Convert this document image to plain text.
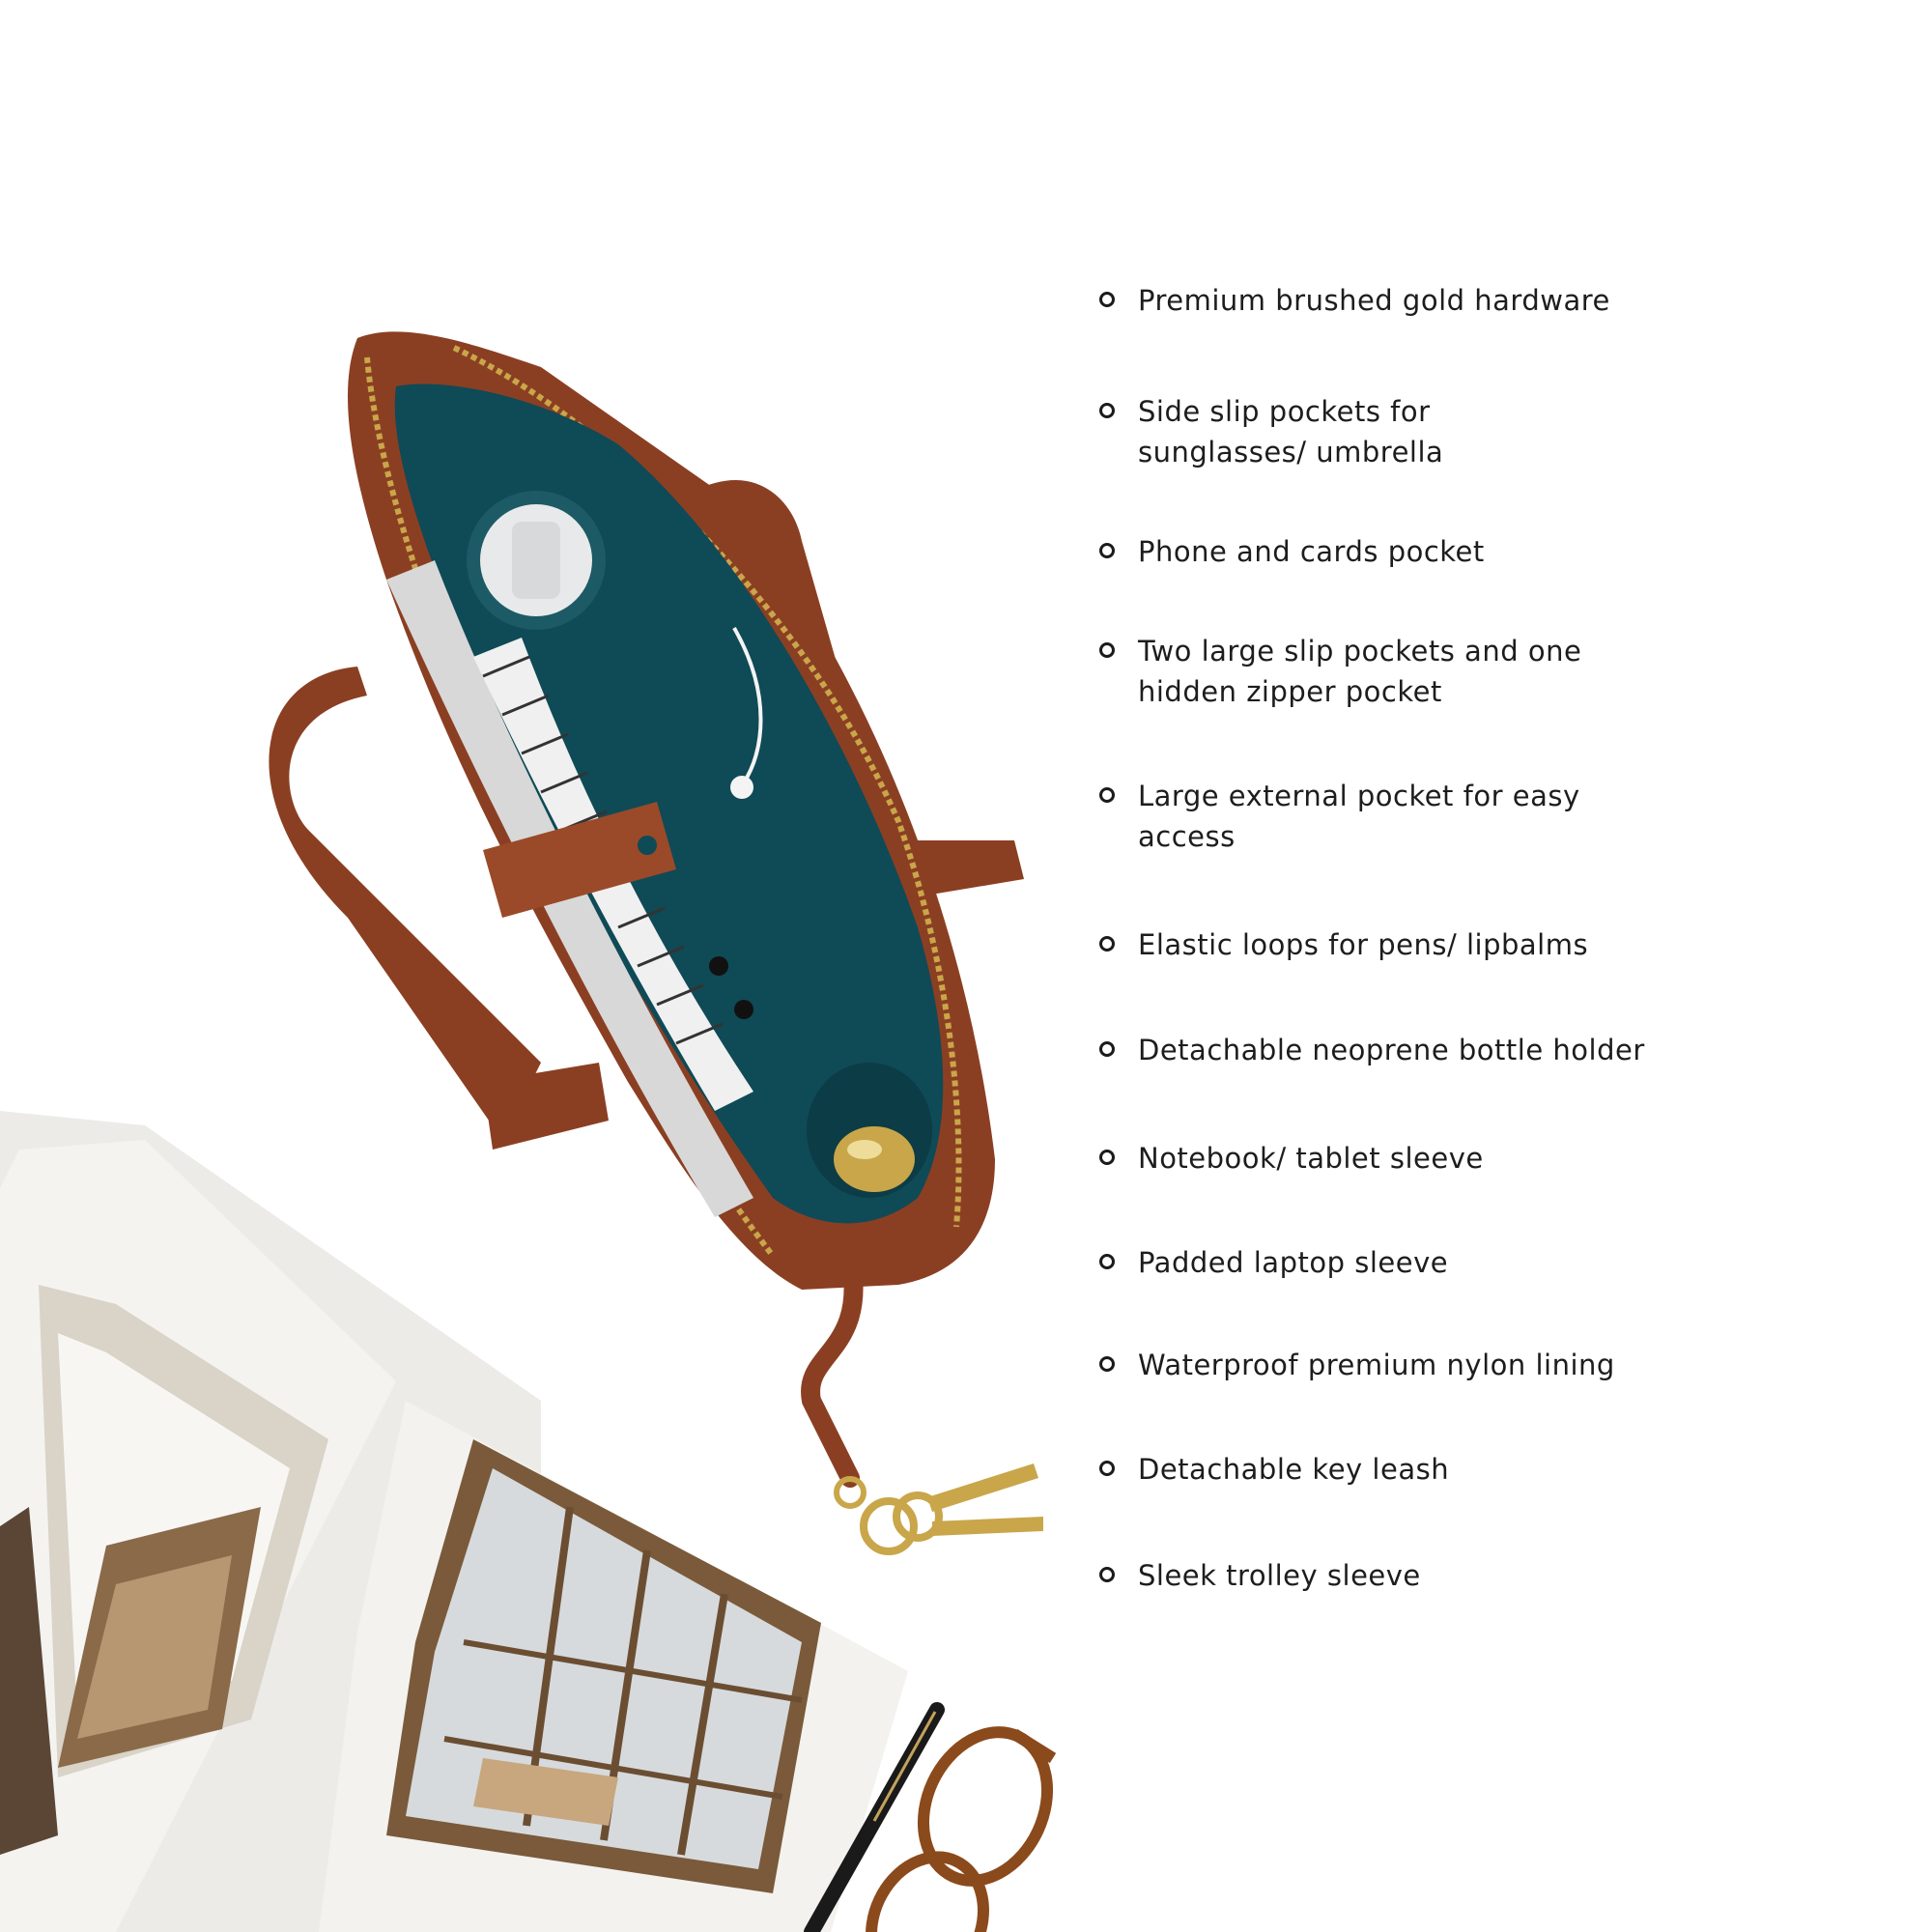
Premium brushed gold hardware
Side slip pockets for sunglasses/ umbrella
Phone and cards pocket
Two large slip pockets and one hidden zipper pocket
Large external pocket for easy access
Elastic loops for pens/ lipbalms
Detachable neoprene bottle holder
Notebook/ tablet sleeve
Padded laptop sleeve
Waterproof premium nylon lining
Detachable key leash
Sleek trolley sleeve
